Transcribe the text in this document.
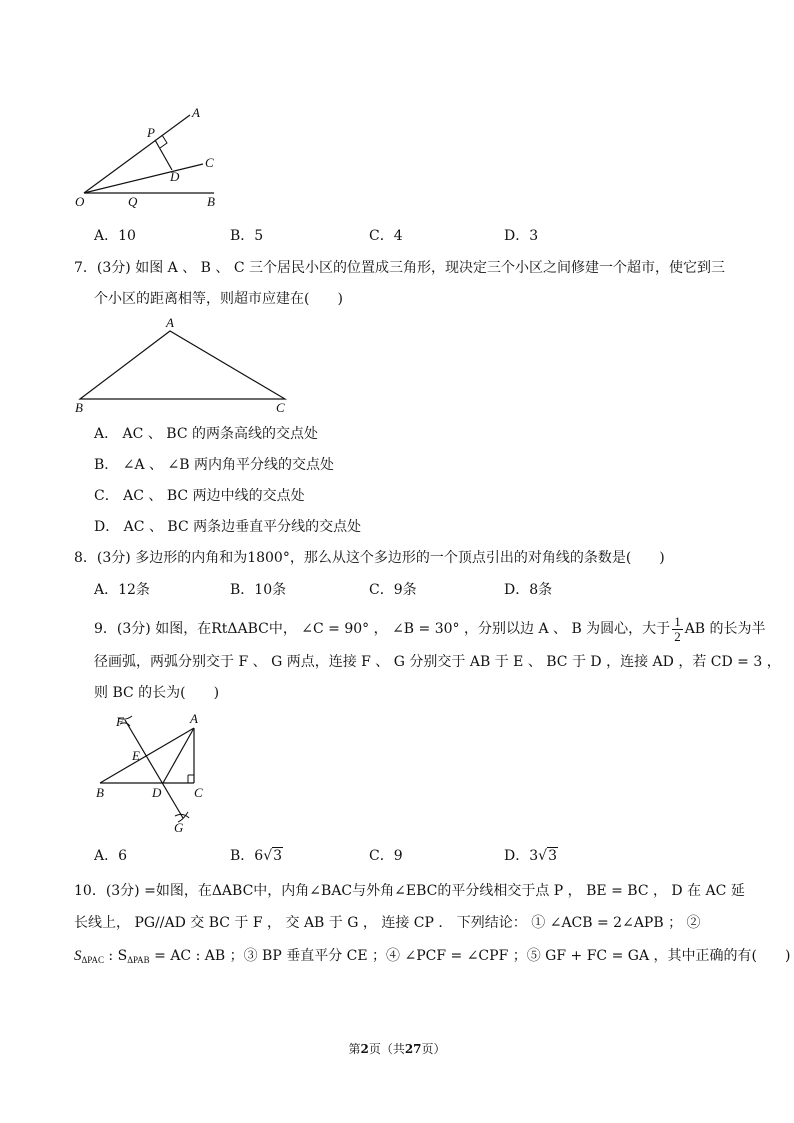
A
P
C
D
O	Q	B
A．10	B．5	C．4	D．3
7．(3分) 如图 A 、 B 、 C 三个居民小区的位置成三角形，现决定三个小区之间修建一个超市，使它到三
个小区的距离相等，则超市应建在(　　)
A
B	C
A． AC 、 BC 的两条高线的交点处
B． ∠A 、 ∠B 两内角平分线的交点处
C． AC 、 BC 两边中线的交点处
D． AC 、 BC 两条边垂直平分线的交点处
8．(3分) 多边形的内角和为1800°，那么从这个多边形的一个顶点引出的对角线的条数是(　　)
A．12条	B．10条	C．9条	D．8条
9．(3分) 如图，在RtΔABC中， ∠C = 90° ， ∠B = 30° ，分别以边 A 、 B 为圆心，大于 $\frac{1}{2}$ AB 的长为半
径画弧，两弧分别交于 F 、 G 两点，连接 F 、 G 分别交于 AB 于 E 、 BC 于 D ，连接 AD ，若 CD = 3 ，
则 BC 的长为(　　)
F	A
E
B	D	C
G
A．6	B．6√3	C．9	D．3√3
10．(3分) =如图，在ΔABC中，内角∠BAC与外角∠EBC的平分线相交于点 P ， BE = BC ， D 在 AC 延
长线上， PG//AD 交 BC 于 F ， 交 AB 于 G ， 连接 CP ． 下列结论： ① ∠ACB = 2∠APB ； ②
$S_{\Delta PAC}$ : $S_{\Delta PAB}$ = AC : AB ；③ BP 垂直平分 CE ；④ ∠PCF = ∠CPF ；⑤ GF + FC = GA ，其中正确的有(　　)
第2页（共27页）
